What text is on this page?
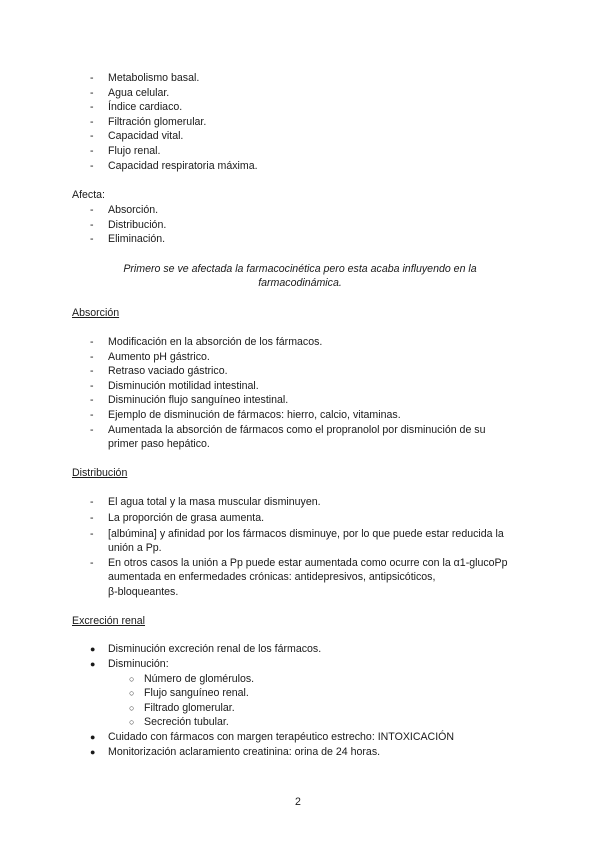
- Metabolismo basal.
- Agua celular.
- Índice cardiaco.
- Filtración glomerular.
- Capacidad vital.
- Flujo renal.
- Capacidad respiratoria máxima.
Afecta:
- Absorción.
- Distribución.
- Eliminación.
Primero se ve afectada la farmacocinética pero esta acaba influyendo en la
farmacodinámica.
Absorción
- Modificación en la absorción de los fármacos.
- Aumento pH gástrico.
- Retraso vaciado gástrico.
- Disminución motilidad intestinal.
- Disminución flujo sanguíneo intestinal.
- Ejemplo de disminución de fármacos: hierro, calcio, vitaminas.
- Aumentada la absorción de fármacos como el propranolol por disminución de su
primer paso hepático.
Distribución
- El agua total y la masa muscular disminuyen.
- La proporción de grasa aumenta.
- [albúmina] y afinidad por los fármacos disminuye, por lo que puede estar reducida la
unión a Pp.
- En otros casos la unión a Pp puede estar aumentada como ocurre con la α1-glucoPp
aumentada en enfermedades crónicas: antidepresivos, antipsicóticos,
β-bloqueantes.
Excreción renal
● Disminución excreción renal de los fármacos.
● Disminución:
○ Número de glomérulos.
○ Flujo sanguíneo renal.
○ Filtrado glomerular.
○ Secreción tubular.
● Cuidado con fármacos con margen terapéutico estrecho: INTOXICACIÓN
● Monitorización aclaramiento creatinina: orina de 24 horas.
2
